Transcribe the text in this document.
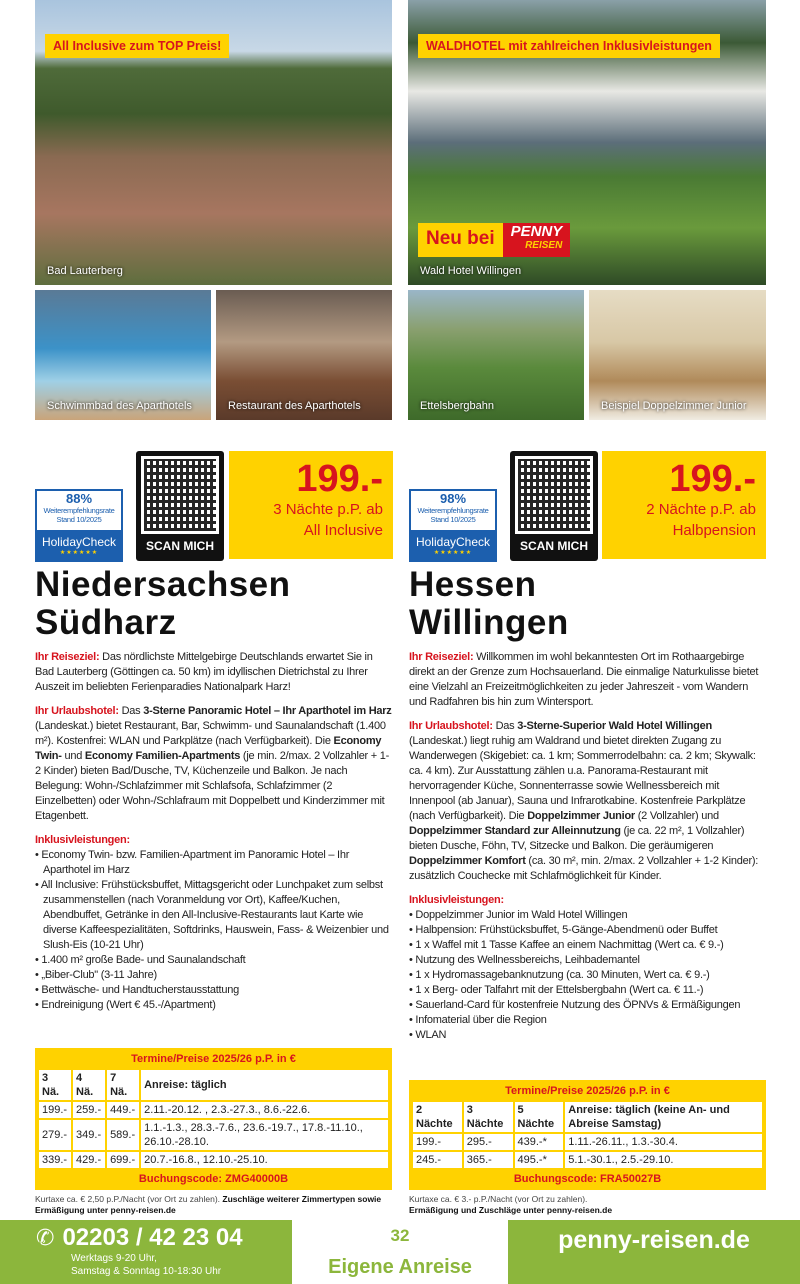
All Inclusive zum TOP Preis!
Bad Lauterberg
Schwimmbad des Aparthotels	Restaurant des Aparthotels
88%
Weiterempfehlungsrate
Stand 10/2025
HolidayCheck
★★★★★★	SCAN MICH
199.-
3 Nächte p.P. ab
All Inclusive
Niedersachsen
Südharz

Ihr Reiseziel: Das nördlichste Mittelgebirge Deutschlands erwartet Sie in Bad Lauterberg (Göttingen ca. 50 km) im idyllischen Dietrichstal zu Ihrer Auszeit im beliebten Ferienparadies Nationalpark Harz!

Ihr Urlaubshotel: Das 3-Sterne Panoramic Hotel – Ihr Aparthotel im Harz (Landeskat.) bietet Restaurant, Bar, Schwimm- und Saunalandschaft (1.400 m²). Kostenfrei: WLAN und Parkplätze (nach Verfügbarkeit). Die Economy Twin- und Economy Familien-Apartments (je min. 2/max. 2 Vollzahler + 1-2 Kinder) bieten Bad/Dusche, TV, Küchenzeile und Balkon. Je nach Belegung: Wohn-/Schlafzimmer mit Schlafsofa, Schlafzimmer (2 Einzelbetten) oder Wohn-/Schlafraum mit Doppelbett und Kinderzimmer mit Etagenbett.

Inklusivleistungen:
• Economy Twin- bzw. Familien-Apartment im Panoramic Hotel – Ihr Aparthotel im Harz
• All Inclusive: Frühstücksbuffet, Mittagsgericht oder Lunchpaket zum selbst zusammenstellen (nach Voranmeldung vor Ort), Kaffee/Kuchen, Abendbuffet, Getränke in den All-Inclusive-Restaurants laut Karte wie diverse Kaffeespezialitäten, Softdrinks, Hauswein, Fass- & Weizenbier und Slush-Eis (10-21 Uhr)
• 1.400 m² große Bade- und Saunalandschaft
• „Biber-Club" (3-11 Jahre)
• Bettwäsche- und Handtucherstausstattung
• Endreinigung (Wert € 45.-/Apartment)
Termine/Preise 2025/26 p.P. in €
3 Nä.	4 Nä.	7 Nä.	Anreise: täglich
199.-	259.-	449.-	2.11.-20.12. , 2.3.-27.3., 8.6.-22.6.
279.-	349.-	589.-	1.1.-1.3., 28.3.-7.6., 23.6.-19.7., 17.8.-11.10., 26.10.-28.10.
339.-	429.-	699.-	20.7.-16.8., 12.10.-25.10.
Buchungscode: ZMG40000B
Kurtaxe ca. € 2,50 p.P./Nacht (vor Ort zu zahlen). Zuschläge weiterer Zimmertypen sowie Ermäßigung unter penny-reisen.de
WALDHOTEL mit zahlreichen Inklusivleistungen
Neu bei	PENNY
REISEN
Wald Hotel Willingen
Ettelsbergbahn	Beispiel Doppelzimmer Junior
98%
Weiterempfehlungsrate
Stand 10/2025
HolidayCheck
★★★★★★	SCAN MICH
199.-
2 Nächte p.P. ab
Halbpension
Hessen
Willingen

Ihr Reiseziel: Willkommen im wohl bekanntesten Ort im Rothaargebirge direkt an der Grenze zum Hochsauerland. Die einmalige Naturkulisse bietet eine Vielzahl an Freizeitmöglichkeiten zu jeder Jahreszeit - vom Wandern und Radfahren bis hin zum Wintersport.

Ihr Urlaubshotel: Das 3-Sterne-Superior Wald Hotel Willingen (Landeskat.) liegt ruhig am Waldrand und bietet direkten Zugang zu Wanderwegen (Skigebiet: ca. 1 km; Sommerrodelbahn: ca. 2 km; Skywalk: ca. 4 km). Zur Ausstattung zählen u.a. Panorama-Restaurant mit hervorragender Küche, Sonnenterrasse sowie Wellnessbereich mit Innenpool (ab Januar), Sauna und Infrarotkabine. Kostenfreie Parkplätze (nach Verfügbarkeit). Die Doppelzimmer Junior (2 Vollzahler) und Doppelzimmer Standard zur Alleinnutzung (je ca. 22 m², 1 Vollzahler) bieten Dusche, Föhn, TV, Sitzecke und Balkon. Die geräumigeren Doppelzimmer Komfort (ca. 30 m², min. 2/max. 2 Vollzahler + 1-2 Kinder): zusätzlich Couchecke mit Schlafmöglichkeit für Kinder.

Inklusivleistungen:
• Doppelzimmer Junior im Wald Hotel Willingen
• Halbpension: Frühstücksbuffet, 5-Gänge-Abendmenü oder Buffet
• 1 x Waffel mit 1 Tasse Kaffee an einem Nachmittag (Wert ca. € 9.-)
• Nutzung des Wellnessbereichs, Leihbademantel
• 1 x Hydromassagebanknutzung (ca. 30 Minuten, Wert ca. € 9.-)
• 1 x Berg- oder Talfahrt mit der Ettelsbergbahn (Wert ca. € 11.-)
• Sauerland-Card für kostenfreie Nutzung des ÖPNVs & Ermäßigungen
• Infomaterial über die Region
• WLAN
Termine/Preise 2025/26 p.P. in €
2 Nächte	3 Nächte	5 Nächte	Anreise: täglich (keine An- und Abreise Samstag)
199.-	295.-	439.-*	1.11.-26.11., 1.3.-30.4.
245.-	365.-	495.-*	5.1.-30.1., 2.5.-29.10.
Buchungscode: FRA50027B
Kurtaxe ca. € 3.- p.P./Nacht (vor Ort zu zahlen).
Ermäßigung und Zuschläge unter penny-reisen.de
✆ 02203 / 42 23 04
Werktags 9-20 Uhr,
Samstag & Sonntag 10-18:30 Uhr
32
Eigene Anreise
penny-reisen.de
